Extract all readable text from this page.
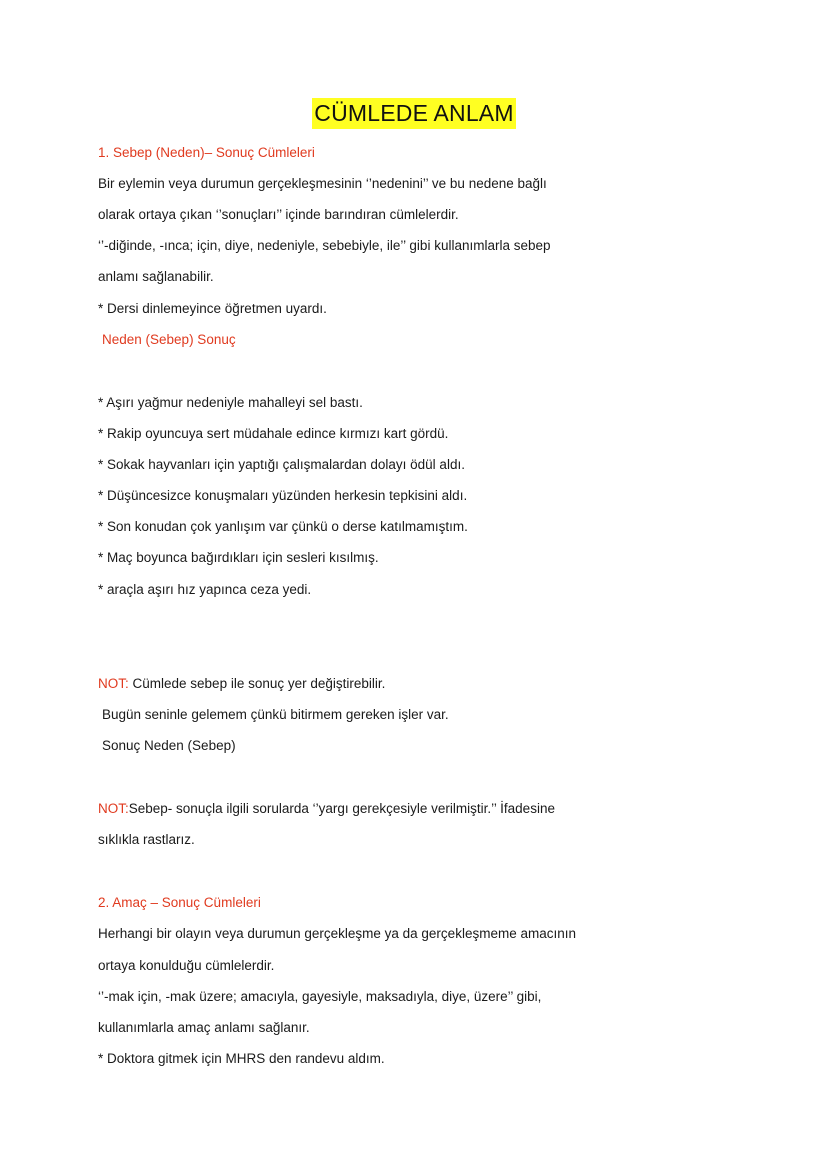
CÜMLEDE ANLAM
1. Sebep (Neden)– Sonuç Cümleleri
Bir eylemin veya durumun gerçekleşmesinin ‘’nedenini’’ ve bu nedene bağlı
olarak ortaya çıkan ‘’sonuçları’’ içinde barındıran cümlelerdir.
‘’-diğinde, -ınca; için, diye, nedeniyle, sebebiyle, ile’’ gibi kullanımlarla sebep
anlamı sağlanabilir.
* Dersi dinlemeyince öğretmen uyardı.
Neden (Sebep) Sonuç
* Aşırı yağmur nedeniyle mahalleyi sel bastı.
* Rakip oyuncuya sert müdahale edince kırmızı kart gördü.
* Sokak hayvanları için yaptığı çalışmalardan dolayı ödül aldı.
* Düşüncesizce konuşmaları yüzünden herkesin tepkisini aldı.
* Son konudan çok yanlışım var çünkü o derse katılmamıştım.
* Maç boyunca bağırdıkları için sesleri kısılmış.
* araçla aşırı hız yapınca ceza yedi.
NOT: Cümlede sebep ile sonuç yer değiştirebilir.
Bugün seninle gelemem çünkü bitirmem gereken işler var.
Sonuç Neden (Sebep)
NOT:Sebep- sonuçla ilgili sorularda ‘’yargı gerekçesiyle verilmiştir.’’ İfadesine
sıklıkla rastlarız.
2. Amaç – Sonuç Cümleleri
Herhangi bir olayın veya durumun gerçekleşme ya da gerçekleşmeme amacının
ortaya konulduğu cümlelerdir.
‘’-mak için, -mak üzere; amacıyla, gayesiyle, maksadıyla, diye, üzere’’ gibi,
kullanımlarla amaç anlamı sağlanır.
* Doktora gitmek için MHRS den randevu aldım.
